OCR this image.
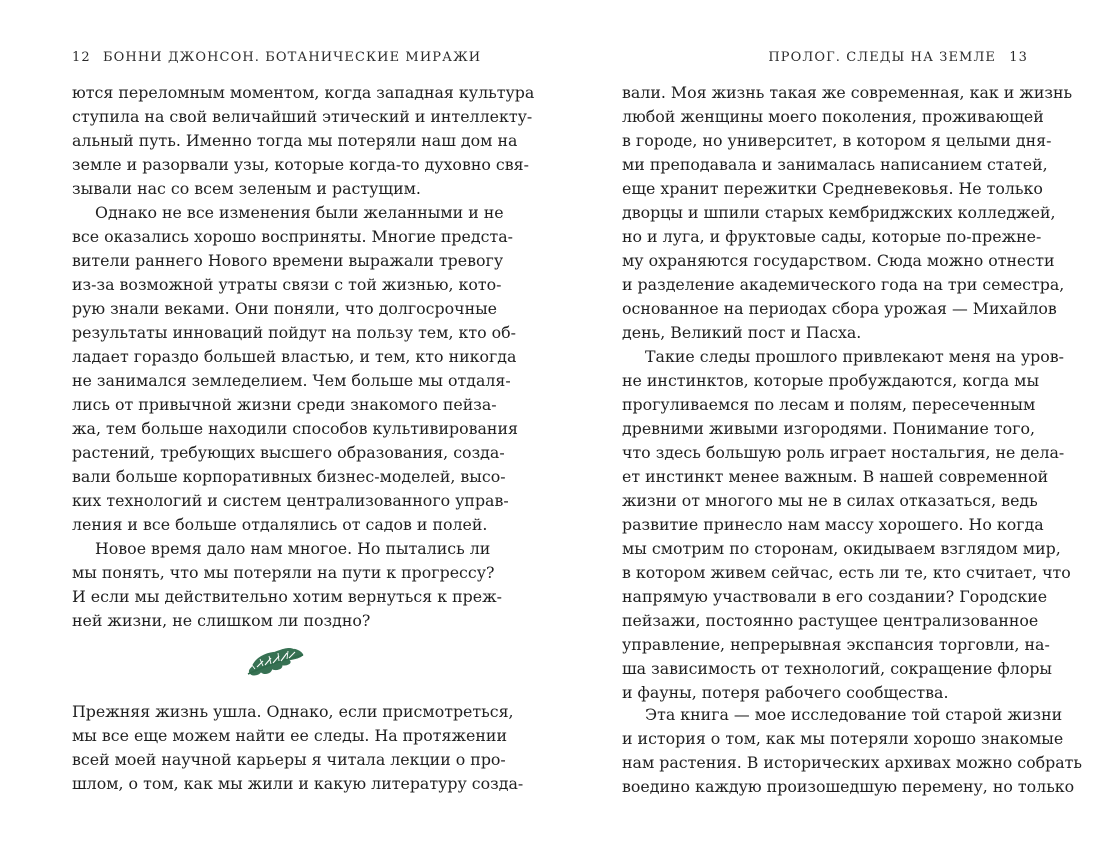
12 БОННИ ДЖОНСОН. БОТАНИЧЕСКИЕ МИРАЖИ
ются переломным моментом, когда западная культура
ступила на свой величайший этический и интеллекту-
альный путь. Именно тогда мы потеряли наш дом на
земле и разорвали узы, которые когда-то духовно свя-
зывали нас со всем зеленым и растущим.
Однако не все изменения были желанными и не
все оказались хорошо восприняты. Многие предста-
вители раннего Нового времени выражали тревогу
из-за возможной утраты связи с той жизнью, кото-
рую знали веками. Они поняли, что долгосрочные
результаты инноваций пойдут на пользу тем, кто об-
ладает гораздо большей властью, и тем, кто никогда
не занимался земледелием. Чем больше мы отдаля-
лись от привычной жизни среди знакомого пейза-
жа, тем больше находили способов культивирования
растений, требующих высшего образования, созда-
вали больше корпоративных бизнес-моделей, высо-
ких технологий и систем централизованного управ-
ления и все больше отдалялись от садов и полей.
Новое время дало нам многое. Но пытались ли
мы понять, что мы потеряли на пути к прогрессу?
И если мы действительно хотим вернуться к преж-
ней жизни, не слишком ли поздно?
Прежняя жизнь ушла. Однако, если присмотреться,
мы все еще можем найти ее следы. На протяжении
всей моей научной карьеры я читала лекции о про-
шлом, о том, как мы жили и какую литературу созда-
ПРОЛОГ. СЛЕДЫ НА ЗЕМЛЕ 13
вали. Моя жизнь такая же современная, как и жизнь
любой женщины моего поколения, проживающей
в городе, но университет, в котором я целыми дня-
ми преподавала и занималась написанием статей,
еще хранит пережитки Средневековья. Не только
дворцы и шпили старых кембриджских колледжей,
но и луга, и фруктовые сады, которые по-прежне-
му охраняются государством. Сюда можно отнести
и разделение академического года на три семестра,
основанное на периодах сбора урожая — Михайлов
день, Великий пост и Пасха.
Такие следы прошлого привлекают меня на уров-
не инстинктов, которые пробуждаются, когда мы
прогуливаемся по лесам и полям, пересеченным
древними живыми изгородями. Понимание того,
что здесь большую роль играет ностальгия, не дела-
ет инстинкт менее важным. В нашей современной
жизни от многого мы не в силах отказаться, ведь
развитие принесло нам массу хорошего. Но когда
мы смотрим по сторонам, окидываем взглядом мир,
в котором живем сейчас, есть ли те, кто считает, что
напрямую участвовали в его создании? Городские
пейзажи, постоянно растущее централизованное
управление, непрерывная экспансия торговли, на-
ша зависимость от технологий, сокращение флоры
и фауны, потеря рабочего сообщества.
Эта книга — мое исследование той старой жизни
и история о том, как мы потеряли хорошо знакомые
нам растения. В исторических архивах можно собрать
воедино каждую произошедшую перемену, но только
